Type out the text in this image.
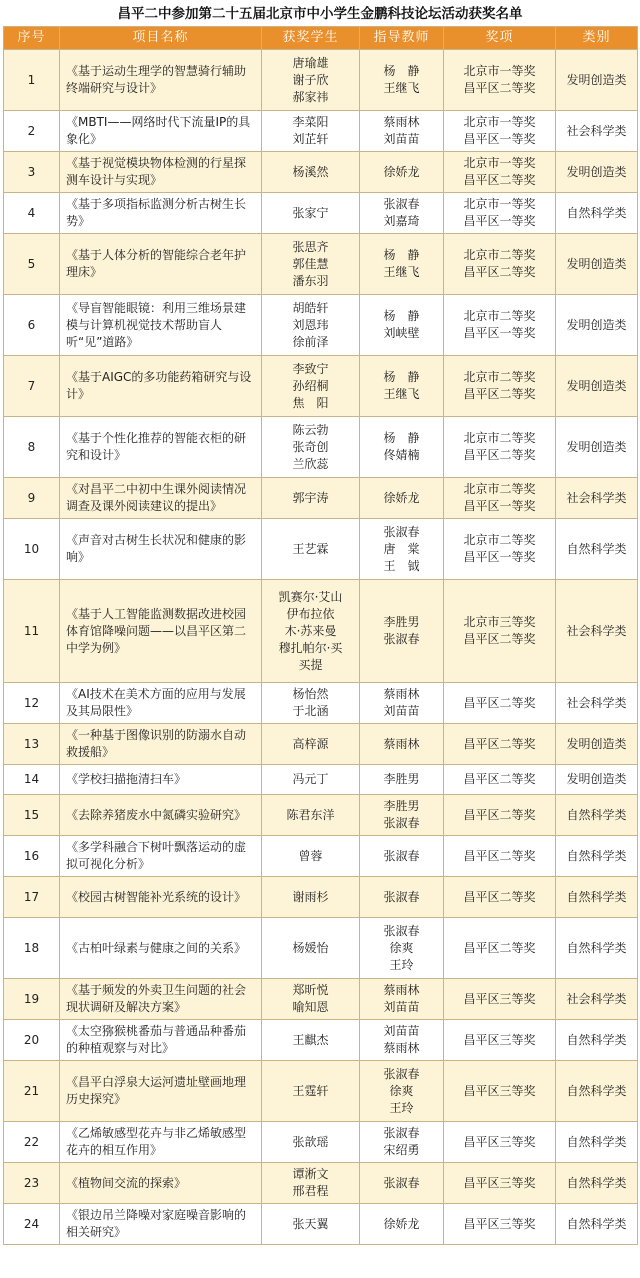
昌平二中参加第二十五届北京市中小学生金鹏科技论坛活动获奖名单
序号	项目名称	获奖学生	指导教师	奖项	类别
1	《基于运动生理学的智慧骑行辅助终端研究与设计》	唐瑜雄
谢子欣
郝家祎	杨　静
王继飞	北京市一等奖
昌平区二等奖	发明创造类
2	《MBTI——网络时代下流量IP的具象化》	李菜阳
刘芷轩	蔡雨林
刘苗苗	北京市一等奖
昌平区一等奖	社会科学类
3	《基于视觉模块物体检测的行星探测车设计与实现》	杨溪然	徐娇龙	北京市一等奖
昌平区二等奖	发明创造类
4	《基于多项指标监测分析古树生长势》	张家宁	张淑春
刘嘉琦	北京市一等奖
昌平区一等奖	自然科学类
5	《基于人体分析的智能综合老年护理床》	张思齐
郭佳慧
潘东羽	杨　静
王继飞	北京市二等奖
昌平区二等奖	发明创造类
6	《导盲智能眼镜：利用三维场景建模与计算机视觉技术帮助盲人听“见”道路》	胡皓轩
刘恩玮
徐前泽	杨　静
刘峡壁	北京市二等奖
昌平区一等奖	发明创造类
7	《基于AIGC的多功能药箱研究与设计》	李致宁
孙绍桐
焦　阳	杨　静
王继飞	北京市二等奖
昌平区二等奖	发明创造类
8	《基于个性化推荐的智能衣柜的研究和设计》	陈云勃
张奇创
兰欣蕊	杨　静
佟婧楠	北京市二等奖
昌平区二等奖	发明创造类
9	《对昌平二中初中生课外阅读情况调查及课外阅读建议的提出》	郭宇涛	徐娇龙	北京市二等奖
昌平区一等奖	社会科学类
10	《声音对古树生长状况和健康的影响》	王艺霖	张淑春
唐　棠
王　钺	北京市二等奖
昌平区一等奖	自然科学类
11	《基于人工智能监测数据改进校园体育馆降噪问题——以昌平区第二中学为例》	凯赛尔·艾山
伊布拉依
木·苏来曼
穆扎帕尔·买
买提	李胜男
张淑春	北京市三等奖
昌平区二等奖	社会科学类
12	《AI技术在美术方面的应用与发展及其局限性》	杨怡然
于北涵	蔡雨林
刘苗苗	昌平区二等奖	社会科学类
13	《一种基于图像识别的防溺水自动救援船》	高梓源	蔡雨林	昌平区二等奖	发明创造类
14	《学校扫描拖清扫车》	冯元丁	李胜男	昌平区二等奖	发明创造类
15	《去除养猪废水中氮磷实验研究》	陈君东洋	李胜男
张淑春	昌平区二等奖	自然科学类
16	《多学科融合下树叶飘落运动的虚拟可视化分析》	曾蓉	张淑春	昌平区二等奖	自然科学类
17	《校园古树智能补光系统的设计》	谢雨杉	张淑春	昌平区二等奖	自然科学类
18	《古柏叶绿素与健康之间的关系》	杨媛怡	张淑春
徐爽
王玲	昌平区二等奖	自然科学类
19	《基于频发的外卖卫生问题的社会现状调研及解决方案》	郑昕悦
喻知恩	蔡雨林
刘苗苗	昌平区三等奖	社会科学类
20	《太空猕猴桃番茄与普通品种番茄的种植观察与对比》	王麒杰	刘苗苗
蔡雨林	昌平区三等奖	自然科学类
21	《昌平白浮泉大运河遗址壁画地理历史探究》	王霆轩	张淑春
徐爽
王玲	昌平区三等奖	自然科学类
22	《乙烯敏感型花卉与非乙烯敏感型花卉的相互作用》	张歆瑶	张淑春
宋绍勇	昌平区三等奖	自然科学类
23	《植物间交流的探索》	谭淅文
邢君程	张淑春	昌平区三等奖	自然科学类
24	《银边吊兰降噪对家庭噪音影响的相关研究》	张天翼	徐娇龙	昌平区三等奖	自然科学类
